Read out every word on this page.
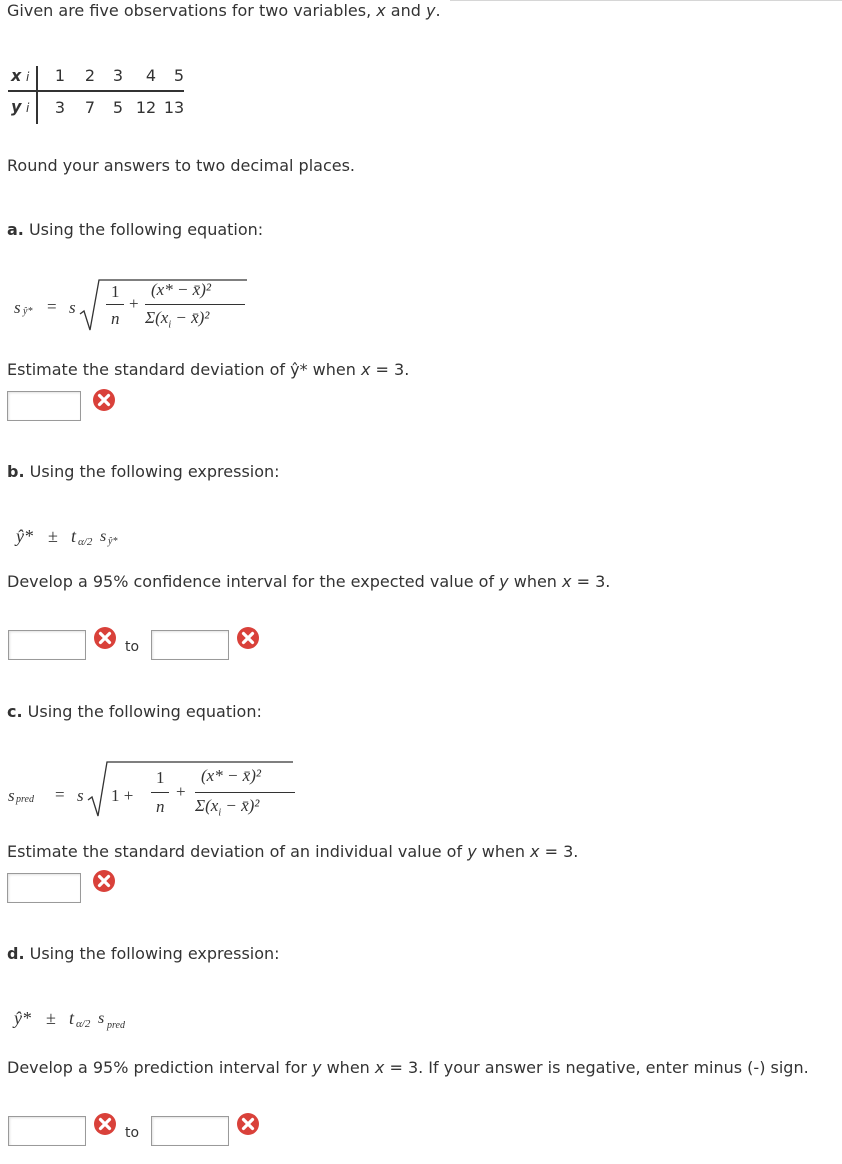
Given are five observations for two variables, x and y.
x i
y i
1 2 3	4	5
3 7 5 12 13
Round your answers to two decimal places.
a. Using the following equation:
s ŷ* = s
1
n
+
(x* − x̄)²
$\Sigma(x_i$ − x̄)²
Estimate the standard deviation of ŷ* when x = 3.
b. Using the following expression:
ŷ* ± t α/2 s ŷ*
Develop a 95% confidence interval for the expected value of y when x = 3.
to
c. Using the following equation:
s pred = s 1 +
1
n
+
(x* − x̄)²
$\Sigma(x_i$ − x̄)²
Estimate the standard deviation of an individual value of y when x = 3.
d. Using the following expression:
ŷ* ± t α/2 s pred
Develop a 95% prediction interval for y when x = 3. If your answer is negative, enter minus (-) sign.
to
